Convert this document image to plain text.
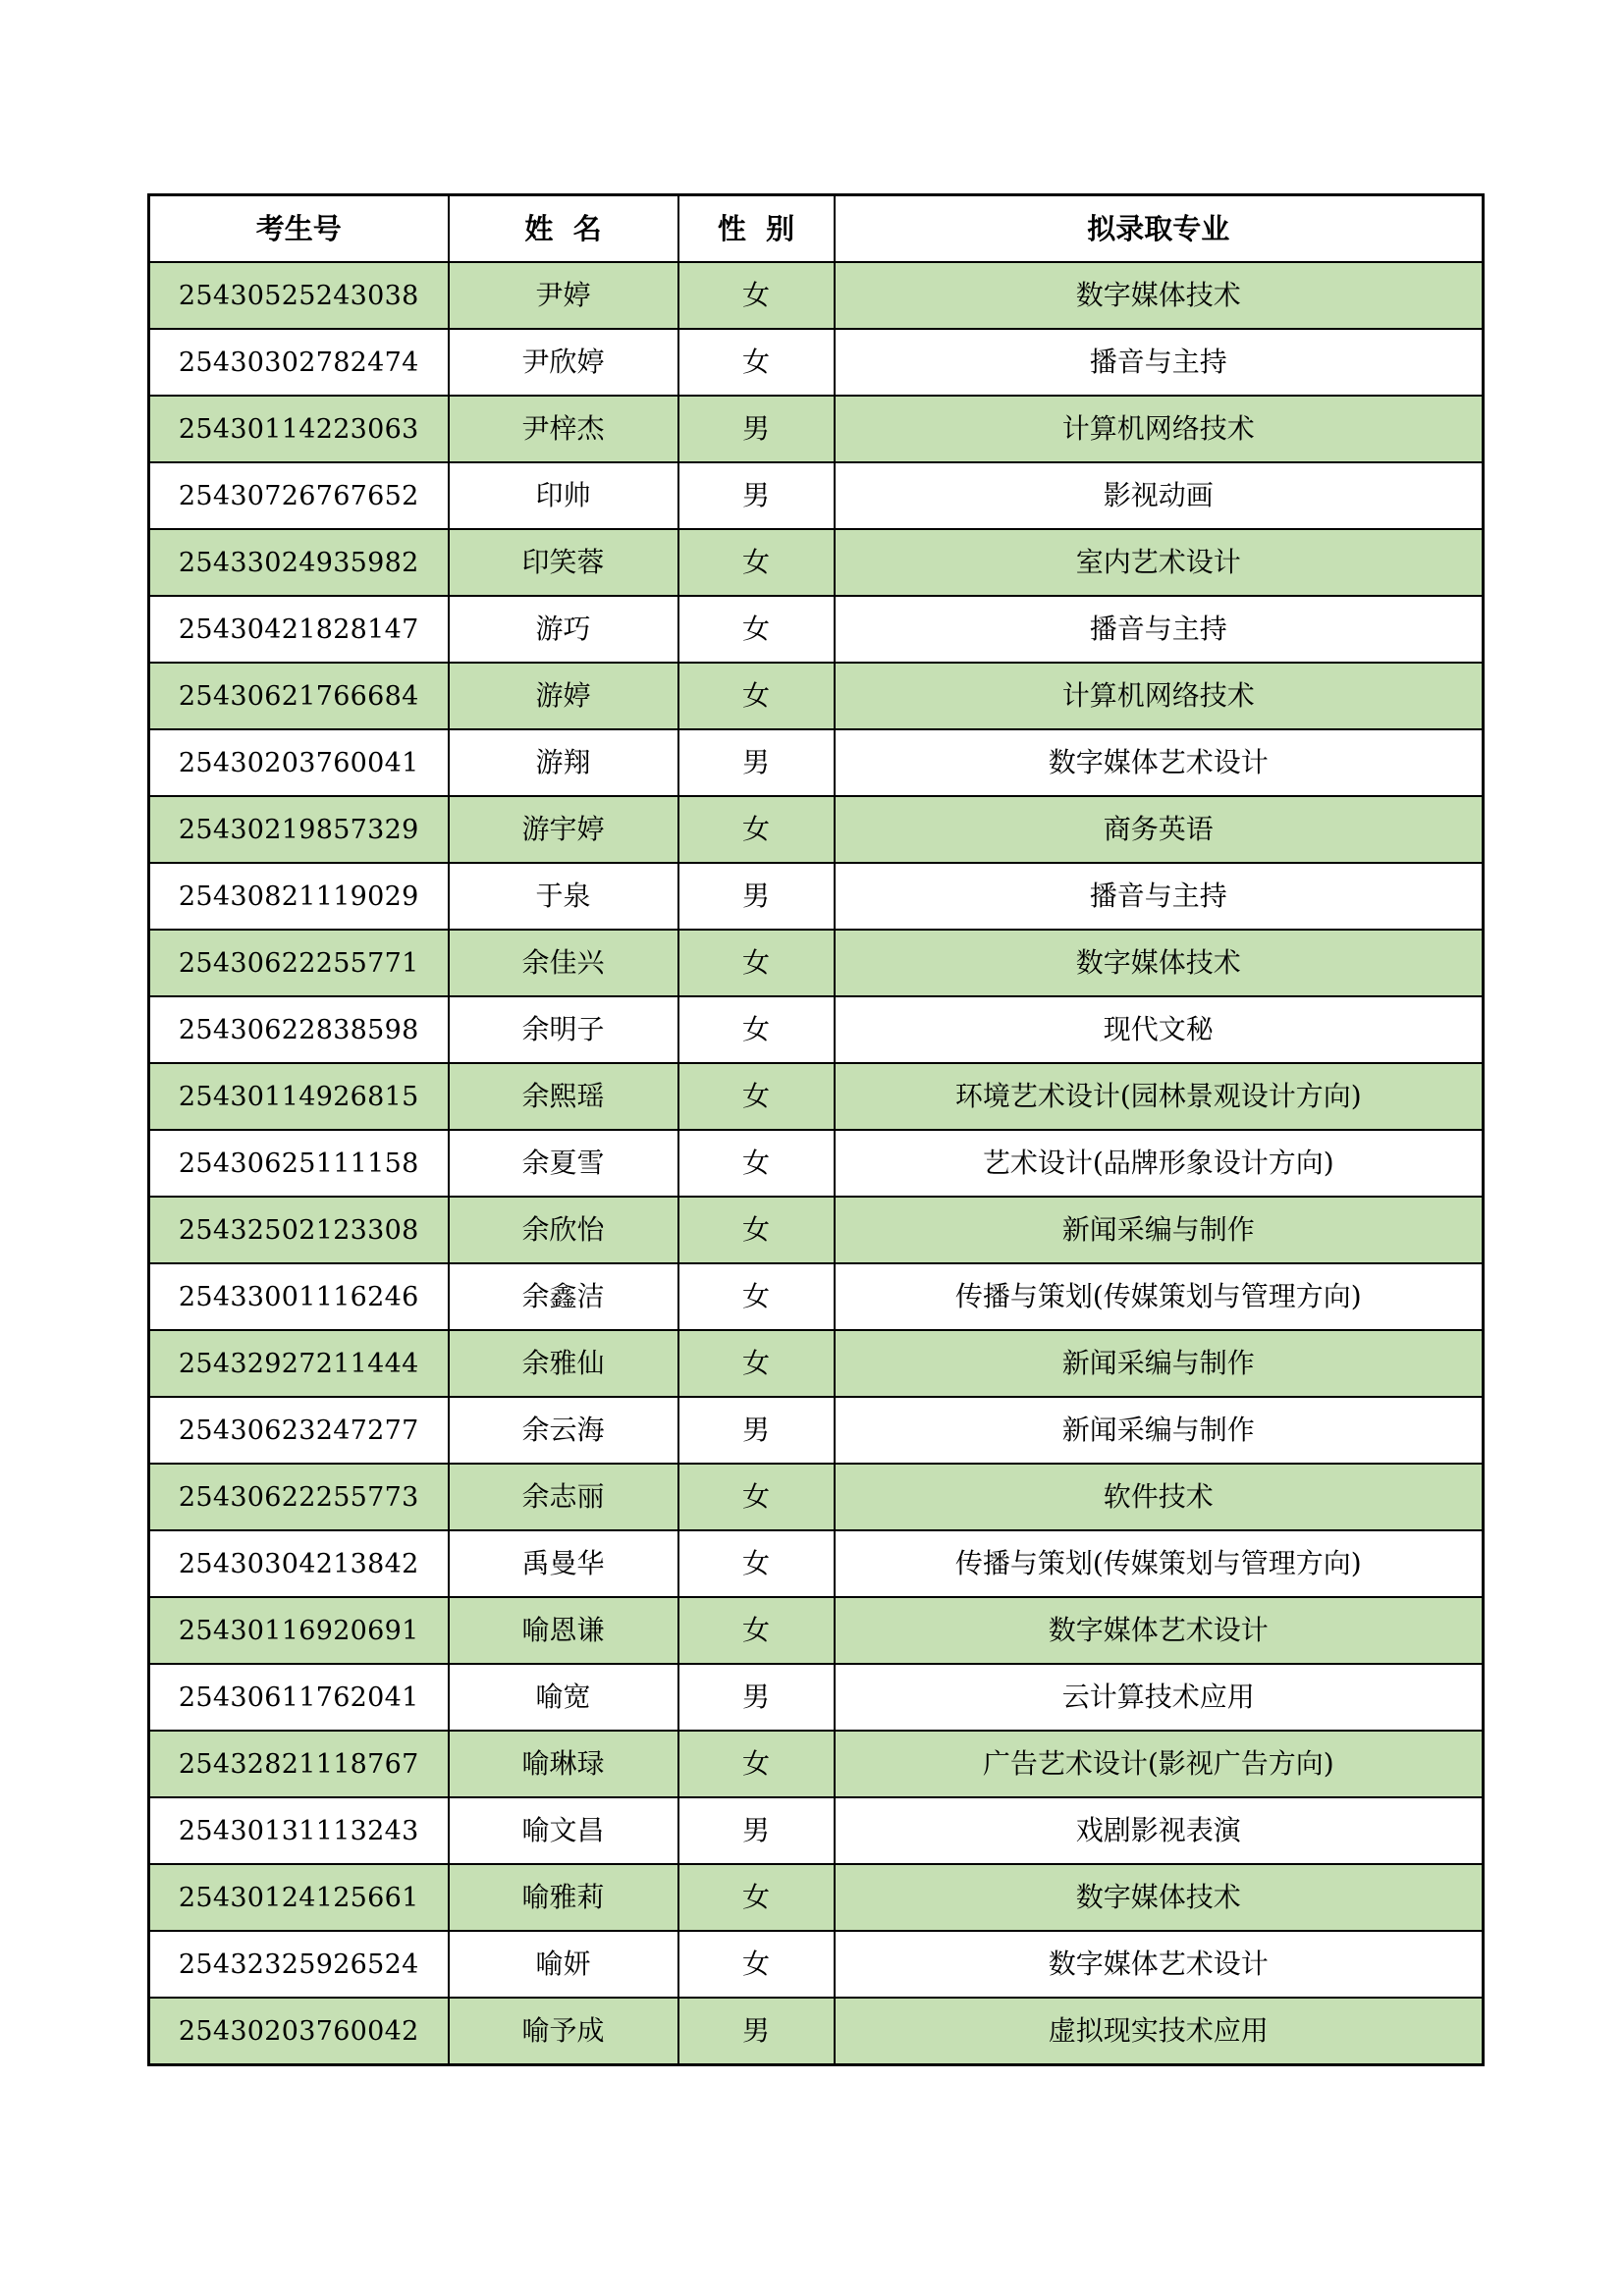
考生号	姓  名	性  别	拟录取专业
25430525243038	尹婷	女	数字媒体技术
25430302782474	尹欣婷	女	播音与主持
25430114223063	尹梓杰	男	计算机网络技术
25430726767652	印帅	男	影视动画
25433024935982	印笑蓉	女	室内艺术设计
25430421828147	游巧	女	播音与主持
25430621766684	游婷	女	计算机网络技术
25430203760041	游翔	男	数字媒体艺术设计
25430219857329	游宇婷	女	商务英语
25430821119029	于泉	男	播音与主持
25430622255771	余佳兴	女	数字媒体技术
25430622838598	余明子	女	现代文秘
25430114926815	余熙瑶	女	环境艺术设计(园林景观设计方向)
25430625111158	余夏雪	女	艺术设计(品牌形象设计方向)
25432502123308	余欣怡	女	新闻采编与制作
25433001116246	余鑫洁	女	传播与策划(传媒策划与管理方向)
25432927211444	余雅仙	女	新闻采编与制作
25430623247277	余云海	男	新闻采编与制作
25430622255773	余志丽	女	软件技术
25430304213842	禹曼华	女	传播与策划(传媒策划与管理方向)
25430116920691	喻恩谦	女	数字媒体艺术设计
25430611762041	喻宽	男	云计算技术应用
25432821118767	喻琳琭	女	广告艺术设计(影视广告方向)
25430131113243	喻文昌	男	戏剧影视表演
25430124125661	喻雅莉	女	数字媒体技术
25432325926524	喻妍	女	数字媒体艺术设计
25430203760042	喻予成	男	虚拟现实技术应用
